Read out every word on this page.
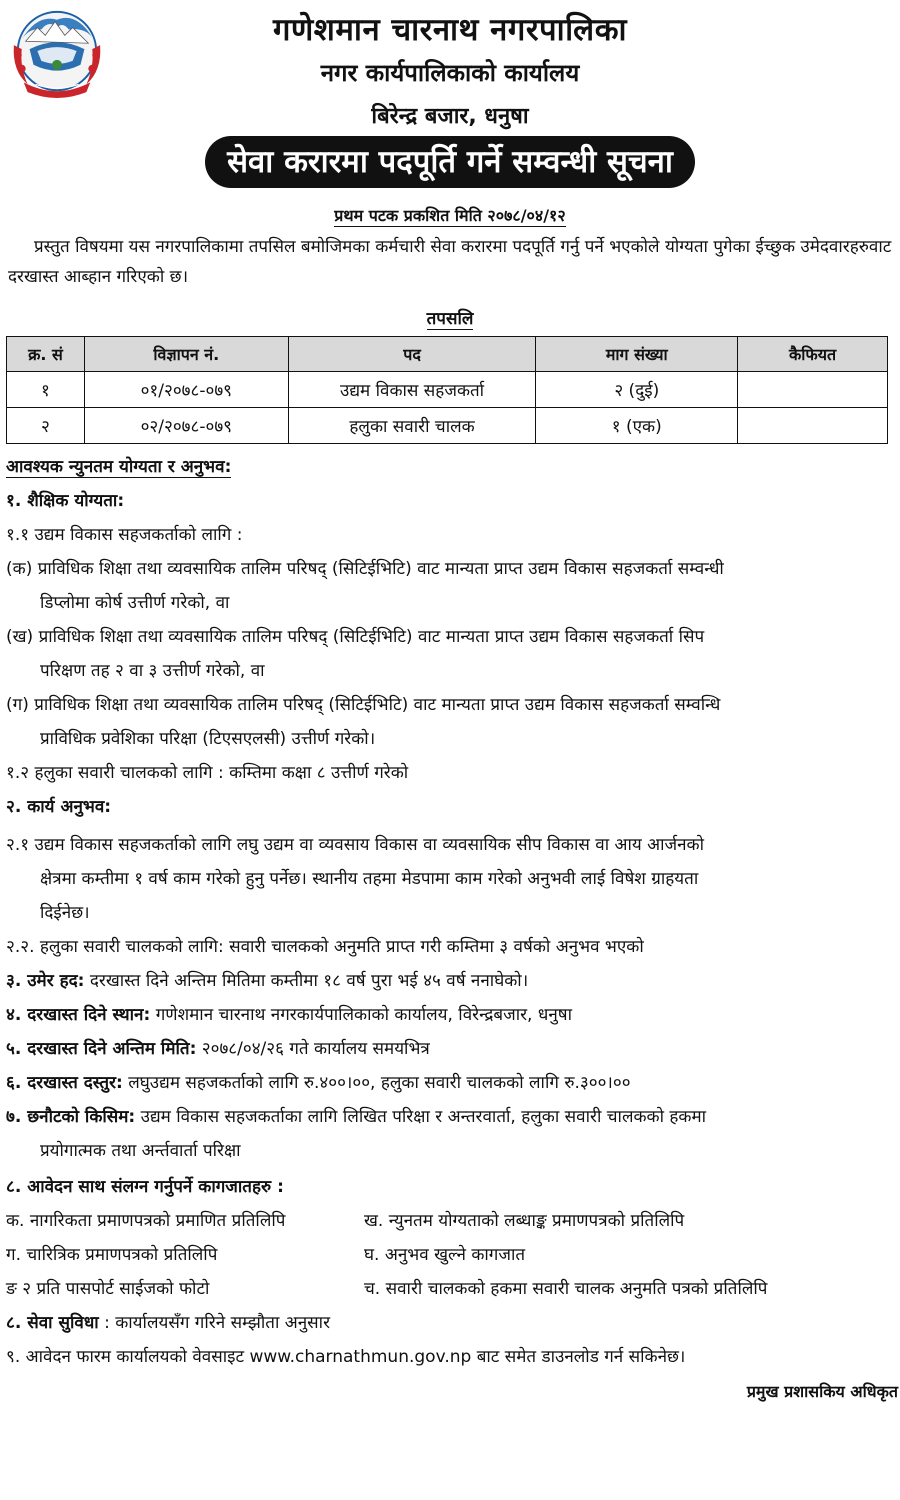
गणेशमान चारनाथ नगरपालिका
नगर कार्यपालिकाको कार्यालय
बिरेन्द्र बजार, धनुषा
सेवा करारमा पदपूर्ति गर्ने सम्वन्धी सूचना
प्रथम पटक प्रकशित मिति २०७८/०४/१२
प्रस्तुत विषयमा यस नगरपालिकामा तपसिल बमोजिमका कर्मचारी सेवा करारमा पदपूर्ति गर्नु पर्ने भएकोले योग्यता पुगेका ईच्छुक उमेदवारहरुवाट दरखास्त आब्हान गरिएको छ।
तपसलि
क्र. सं	विज्ञापन नं.	पद	माग संख्या	कैफियत
१	०१/२०७८-०७९	उद्यम विकास सहजकर्ता	२ (दुई)	
२	०२/२०७८-०७९	हलुका सवारी चालक	१ (एक)	
आवश्यक न्युनतम योग्यता र अनुभव:
१. शैक्षिक योग्यता:
१.१ उद्यम विकास सहजकर्ताको लागि :
(क) प्राविधिक शिक्षा तथा व्यवसायिक तालिम परिषद् (सिटिईभिटि) वाट मान्यता प्राप्त उद्यम विकास सहजकर्ता सम्वन्धी
डिप्लोमा कोर्ष उत्तीर्ण गरेको, वा
(ख) प्राविधिक शिक्षा तथा व्यवसायिक तालिम परिषद् (सिटिईभिटि) वाट मान्यता प्राप्त उद्यम विकास सहजकर्ता सिप
परिक्षण तह २ वा ३ उत्तीर्ण गरेको, वा
(ग) प्राविधिक शिक्षा तथा व्यवसायिक तालिम परिषद् (सिटिईभिटि) वाट मान्यता प्राप्त उद्यम विकास सहजकर्ता सम्वन्धि
प्राविधिक प्रवेशिका परिक्षा (टिएसएलसी) उत्तीर्ण गरेको।
१.२ हलुका सवारी चालकको लागि : कम्तिमा कक्षा ८ उत्तीर्ण गरेको
२. कार्य अनुभव:
२.१ उद्यम विकास सहजकर्ताको लागि लघु उद्यम वा व्यवसाय विकास वा व्यवसायिक सीप विकास वा आय आर्जनको
क्षेत्रमा कम्तीमा १ वर्ष काम गरेको हुनु पर्नेछ। स्थानीय तहमा मेडपामा काम गरेको अनुभवी लाई विषेश ग्राहयता
दिईनेछ।
२.२. हलुका सवारी चालकको लागि: सवारी चालकको अनुमति प्राप्त गरी कम्तिमा ३ वर्षको अनुभव भएको
३. उमेर हद: दरखास्त दिने अन्तिम मितिमा कम्तीमा १८ वर्ष पुरा भई ४५ वर्ष ननाघेको।
४. दरखास्त दिने स्थान: गणेशमान चारनाथ नगरकार्यपालिकाको कार्यालय, विरेन्द्रबजार, धनुषा
५. दरखास्त दिने अन्तिम मिति: २०७८/०४/२६ गते कार्यालय समयभित्र
६. दरखास्त दस्तुर: लघुउद्यम सहजकर्ताको लागि रु.४००।००, हलुका सवारी चालकको लागि रु.३००।००
७. छनौटको किसिम: उद्यम विकास सहजकर्ताका लागि लिखित परिक्षा र अन्तरवार्ता, हलुका सवारी चालकको हकमा
प्रयोगात्मक तथा अर्न्तवार्ता परिक्षा
८. आवेदन साथ संलग्न गर्नुपर्ने कागजातहरु :
क. नागरिकता प्रमाणपत्रको प्रमाणित प्रतिलिपि	ख. न्युनतम योग्यताको लब्धाङ्क प्रमाणपत्रको प्रतिलिपि
ग. चारित्रिक प्रमाणपत्रको प्रतिलिपि	घ. अनुभव खुल्ने कागजात
ङ २ प्रति पासपोर्ट साईजको फोटो	च. सवारी चालकको हकमा सवारी चालक अनुमति पत्रको प्रतिलिपि
८. सेवा सुविधा : कार्यालयसँग गरिने सम्झौता अनुसार
९. आवेदन फारम कार्यालयको वेवसाइट www.charnathmun.gov.np बाट समेत डाउनलोड गर्न सकिनेछ।
प्रमुख प्रशासकिय अधिकृत
